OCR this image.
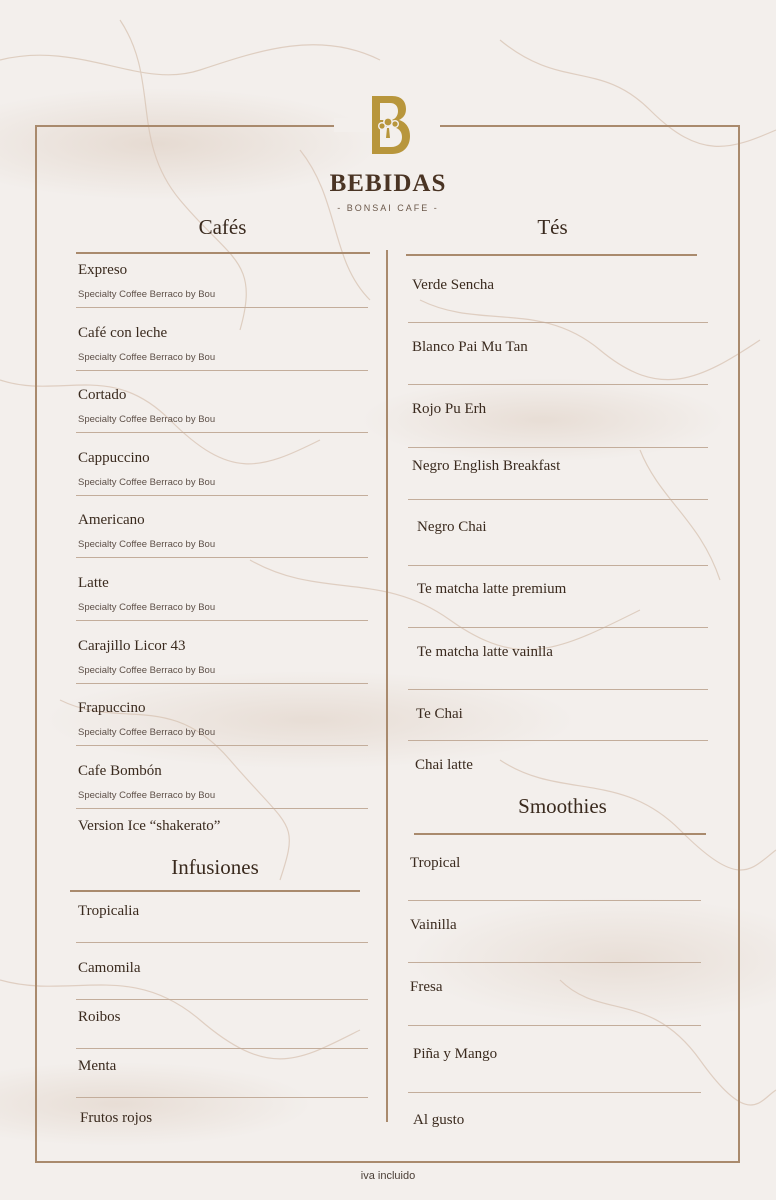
BEBIDAS
- BONSAI CAFE -
Cafés
Expreso
Specialty Coffee Berraco by Bou
Café con leche
Specialty Coffee Berraco by Bou
Cortado
Specialty Coffee Berraco by Bou
Cappuccino
Specialty Coffee Berraco by Bou
Americano
Specialty Coffee Berraco by Bou
Latte
Specialty Coffee Berraco by Bou
Carajillo Licor 43
Specialty Coffee Berraco by Bou
Frapuccino
Specialty Coffee Berraco by Bou
Cafe Bombón
Specialty Coffee Berraco by Bou
Version Ice “shakerato”
Infusiones
Tropicalia
Camomila
Roibos
Menta
Frutos rojos
Tés
Verde Sencha
Blanco Pai Mu Tan
Rojo Pu Erh
Negro English Breakfast
Negro Chai
Te matcha latte premium
Te matcha latte vainlla
Te Chai
Chai latte
Smoothies
Tropical
Vainilla
Fresa
Piña y Mango
Al gusto
iva incluido
